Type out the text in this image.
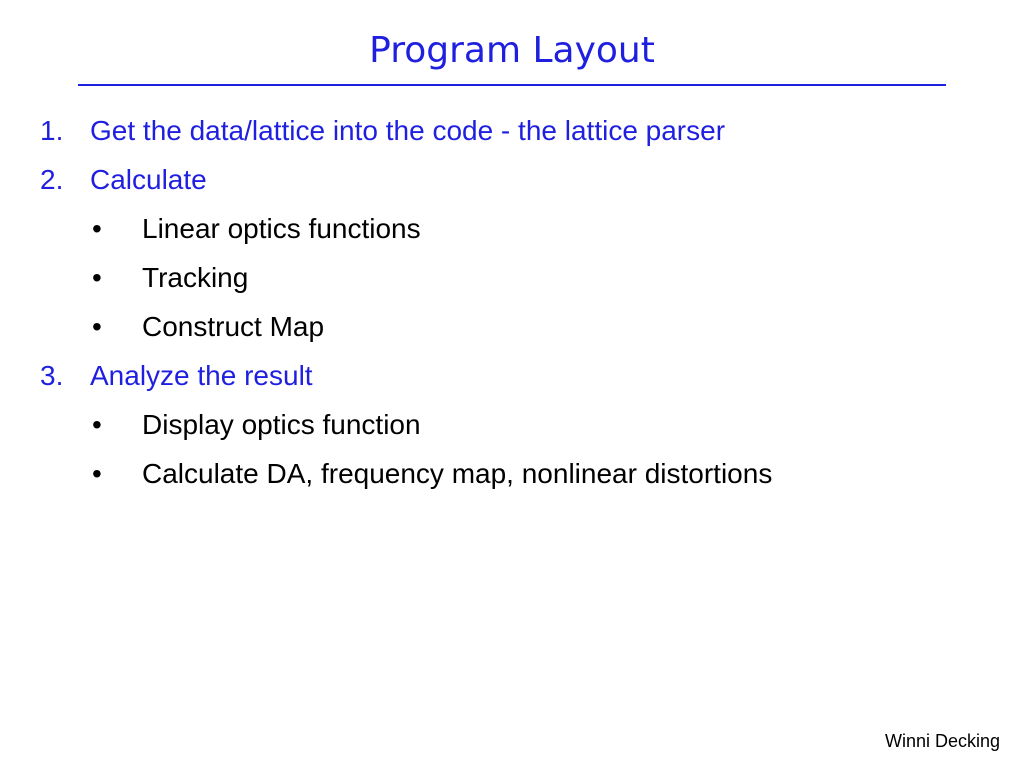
Program Layout
1. Get the data/lattice into the code - the lattice parser
2. Calculate
• Linear optics functions
• Tracking
• Construct Map
3. Analyze the result
• Display optics function
• Calculate DA, frequency map, nonlinear distortions
Winni Decking
